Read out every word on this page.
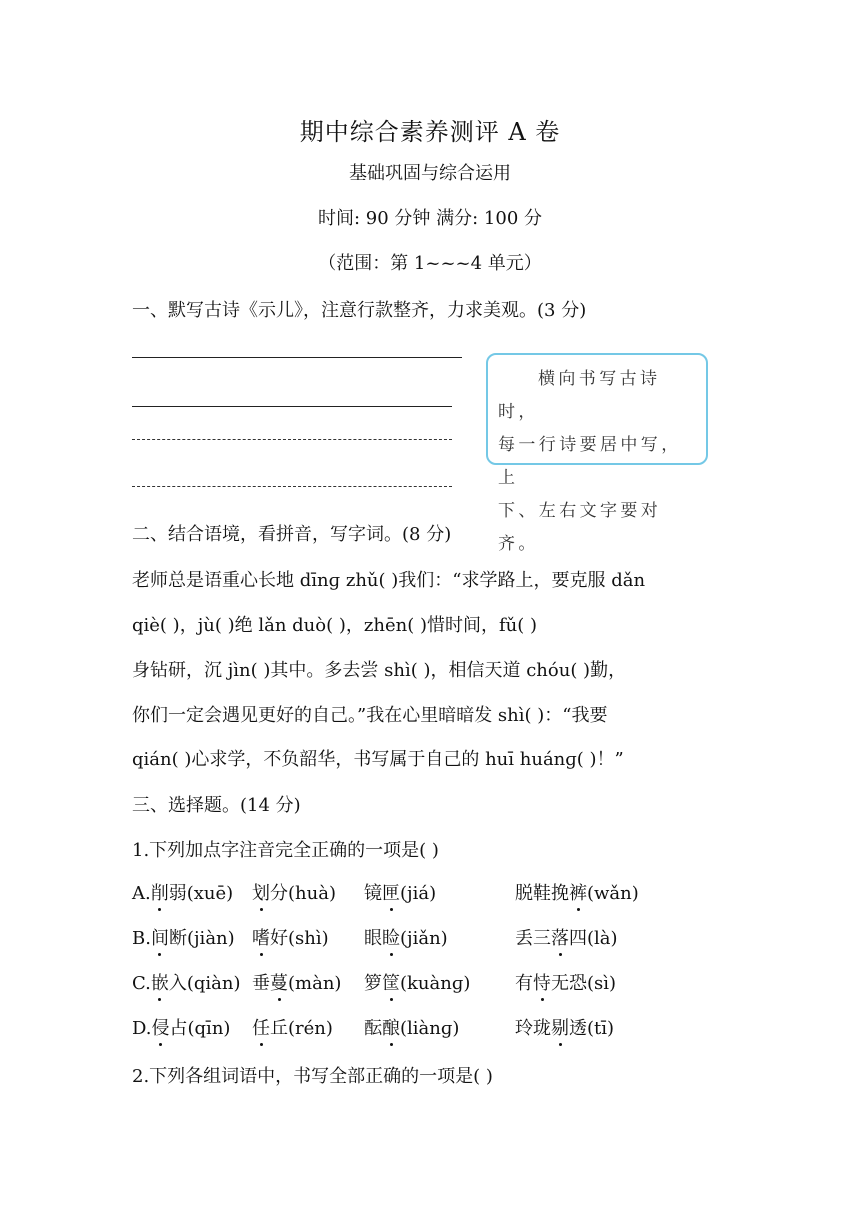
期中综合素养测评 A 卷
基础巩固与综合运用
时间: 90 分钟 满分: 100 分
（范围：第 1~~~4 单元）
一、默写古诗《示儿》，注意行款整齐，力求美观。(3 分)
横向书写古诗时，
每一行诗要居中写，上
下、左右文字要对齐。
二、结合语境，看拼音，写字词。(8 分)
老师总是语重心长地 dīnɡ zhǔ( )我们：“求学路上，要克服 dǎn
qiè( )，jù( )绝 lǎn duò( )，zhēn( )惜时间，fǔ( )
身钻研，沉 jìn( )其中。多去尝 shì( )，相信天道 chóu( )勤，
你们一定会遇见更好的自己。”我在心里暗暗发 shì( )：“我要
qián( )心求学，不负韶华，书写属于自己的 huī huánɡ( )！”
三、选择题。(14 分)
1.下列加点字注音完全正确的一项是( )
A.削弱(xuē) 划分(huà) 镜匣(jiá)	脱鞋挽裤(wǎn)
B.间断(jiàn) 嗜好(shì) 眼睑(jiǎn)	丢三落四(là)
C.嵌入(qiàn) 垂蔓(màn) 箩筐(kuànɡ) 有恃无恐(sì)
D.侵占(qīn) 任丘(rén) 酝酿(liànɡ)	玲珑剔透(tī)
2.下列各组词语中，书写全部正确的一项是( )
